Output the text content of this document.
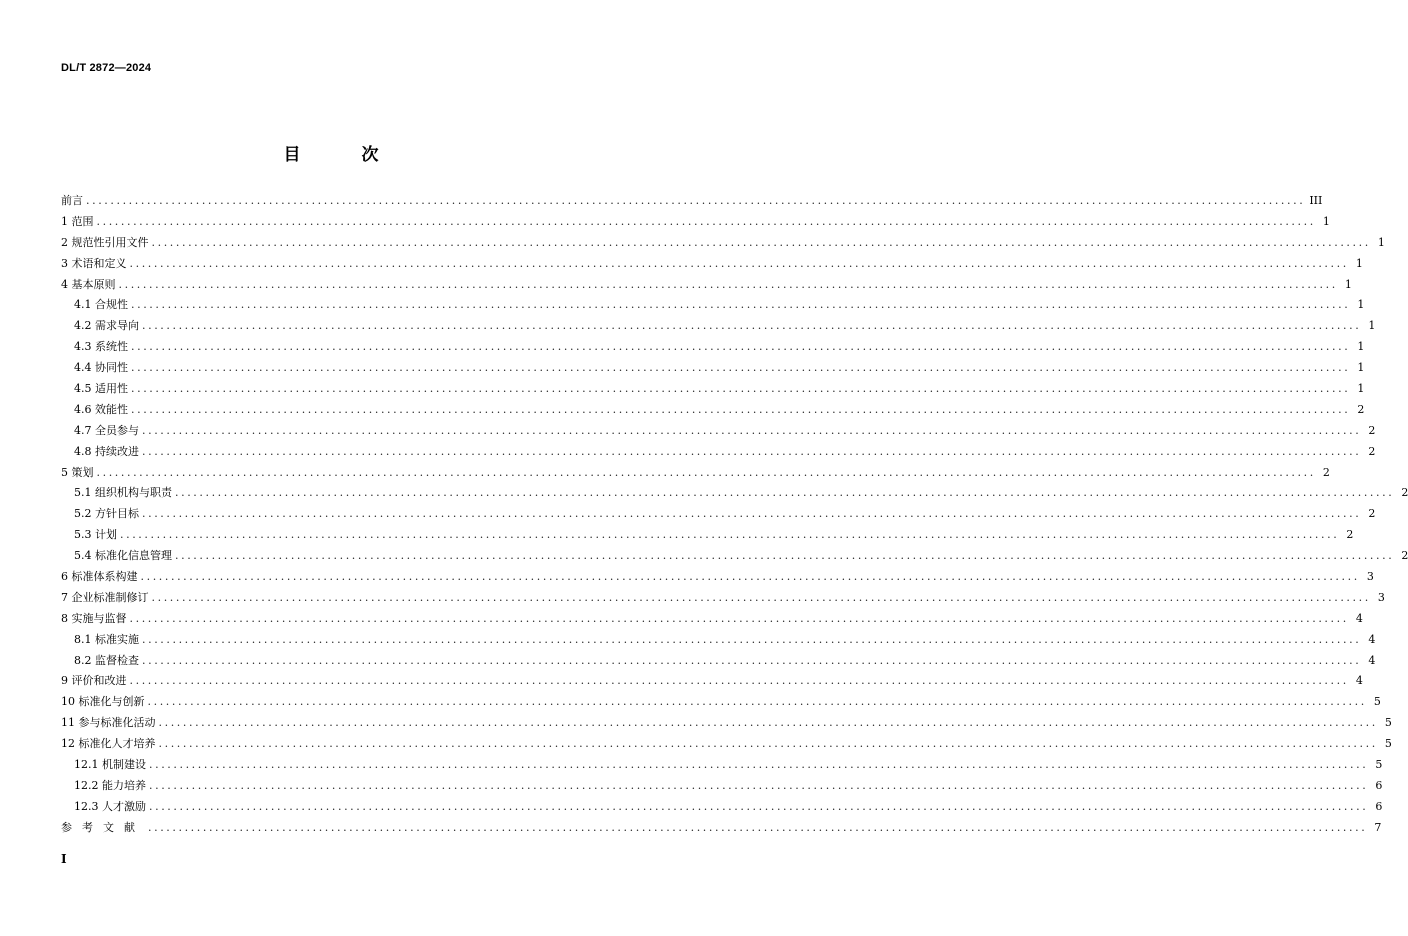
DL/T 2872—2024
目　次
前言 ........................................................................................................................................................................................................ III
1 范围 ........................................................................................................................................................................................................ 1
2 规范性引用文件 ........................................................................................................................................................................................................ 1
3 术语和定义 ........................................................................................................................................................................................................ 1
4 基本原则 ........................................................................................................................................................................................................ 1
4.1 合规性 ........................................................................................................................................................................................................ 1
4.2 需求导向 ........................................................................................................................................................................................................ 1
4.3 系统性 ........................................................................................................................................................................................................ 1
4.4 协同性 ........................................................................................................................................................................................................ 1
4.5 适用性 ........................................................................................................................................................................................................ 1
4.6 效能性 ........................................................................................................................................................................................................ 2
4.7 全员参与 ........................................................................................................................................................................................................ 2
4.8 持续改进 ........................................................................................................................................................................................................ 2
5 策划 ........................................................................................................................................................................................................ 2
5.1 组织机构与职责 ........................................................................................................................................................................................................ 2
5.2 方针目标 ........................................................................................................................................................................................................ 2
5.3 计划 ........................................................................................................................................................................................................ 2
5.4 标准化信息管理 ........................................................................................................................................................................................................ 2
6 标准体系构建 ........................................................................................................................................................................................................ 3
7 企业标准制修订 ........................................................................................................................................................................................................ 3
8 实施与监督 ........................................................................................................................................................................................................ 4
8.1 标准实施 ........................................................................................................................................................................................................ 4
8.2 监督检查 ........................................................................................................................................................................................................ 4
9 评价和改进 ........................................................................................................................................................................................................ 4
10 标准化与创新 ........................................................................................................................................................................................................ 5
11 参与标准化活动 ........................................................................................................................................................................................................ 5
12 标准化人才培养 ........................................................................................................................................................................................................ 5
12.1 机制建设 ........................................................................................................................................................................................................ 5
12.2 能力培养 ........................................................................................................................................................................................................ 6
12.3 人才激励 ........................................................................................................................................................................................................ 6
参考文献 ........................................................................................................................................................................................................ 7
I
